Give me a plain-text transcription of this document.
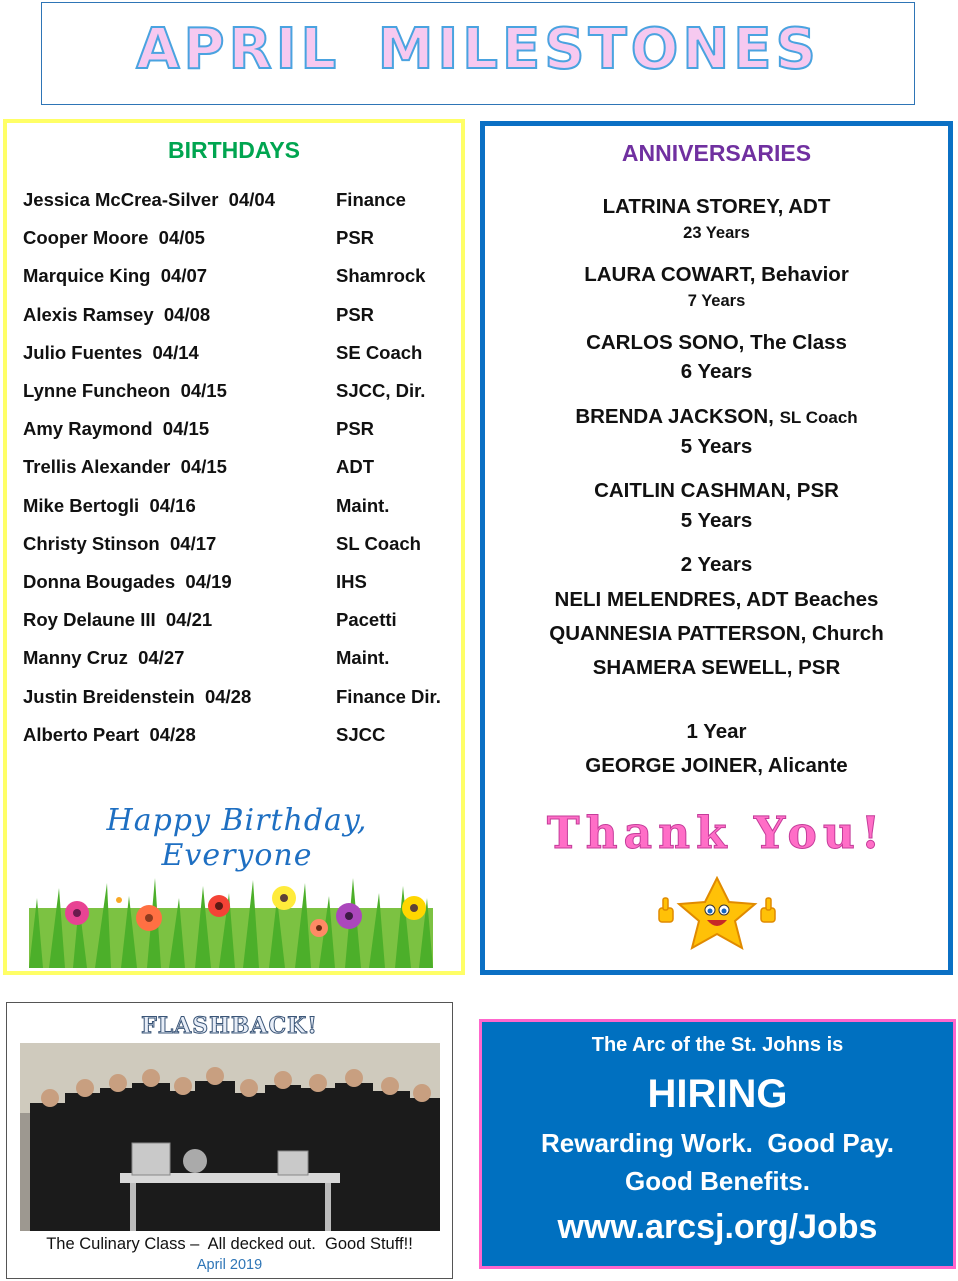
APRIL MILESTONES
BIRTHDAYS
Jessica McCrea-Silver  04/04	Finance
Cooper Moore  04/05	PSR
Marquice King  04/07	Shamrock
Alexis Ramsey  04/08	PSR
Julio Fuentes  04/14	SE Coach
Lynne Funcheon  04/15	SJCC, Dir.
Amy Raymond  04/15	PSR
Trellis Alexander  04/15	ADT
Mike Bertogli  04/16	Maint.
Christy Stinson  04/17	SL Coach
Donna Bougades  04/19	IHS
Roy Delaune III  04/21	Pacetti
Manny Cruz  04/27	Maint.
Justin Breidenstein  04/28	Finance Dir.
Alberto Peart  04/28	SJCC
Happy Birthday, Everyone
ANNIVERSARIES
LATRINA STOREY, ADT
23 Years
LAURA COWART, Behavior
7 Years
CARLOS SONO, The Class
6 Years
BRENDA JACKSON, SL Coach
5 Years
CAITLIN CASHMAN, PSR
5 Years
2 Years
NELI MELENDRES, ADT Beaches
QUANNESIA PATTERSON, Church
SHAMERA SEWELL, PSR
1 Year
GEORGE JOINER, Alicante
Thank You!
FLASHBACK!
The Culinary Class –  All decked out.  Good Stuff!!
April 2019
The Arc of the St. Johns is
HIRING
Rewarding Work.  Good Pay.
Good Benefits.
www.arcsj.org/Jobs
